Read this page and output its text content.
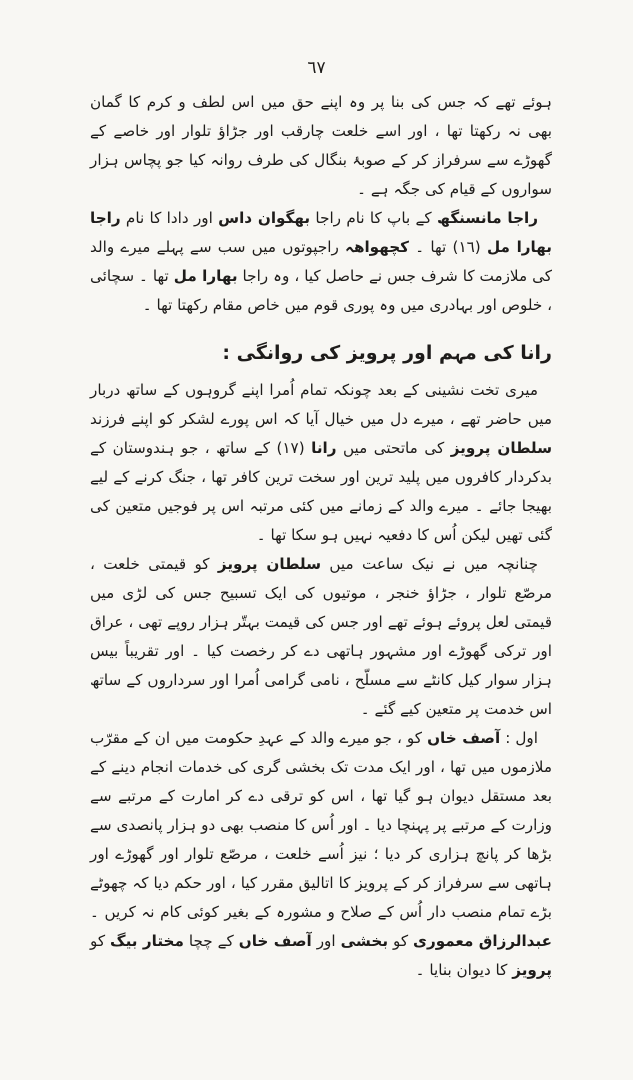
٦٧

ہوئے تھے کہ جس کی بنا پر وہ اپنے حق میں اس لطف و کرم کا گمان بھی نہ رکھتا تھا ، اور اسے خلعت چارقب اور جڑاؤ تلوار اور خاصے کے گھوڑے سے سرفراز کر کے صوبۂ بنگال کی طرف روانہ کیا جو پچاس ہزار سواروں کے قیام کی جگہ ہے ۔

راجا مانسنگھ کے باپ کا نام راجا بھگوان داس اور دادا کا نام راجا بھارا مل (١٦) تھا ۔ کچھواھہ راجپوتوں میں سب سے پہلے میرے والد کی ملازمت کا شرف جس نے حاصل کیا ، وہ راجا بھارا مل تھا ۔ سچائی ، خلوص اور بہادری میں وہ پوری قوم میں خاص مقام رکھتا تھا ۔

رانا کی مہم اور پرویز کی روانگی :

میری تخت نشینی کے بعد چونکہ تمام اُمرا اپنے گروہوں کے ساتھ دربار میں حاضر تھے ، میرے دل میں خیال آیا کہ اس پورے لشکر کو اپنے فرزند سلطان پرویز کی ماتحتی میں رانا (١٧) کے ساتھ ، جو ہندوستان کے بدکردار کافروں میں پلید ترین اور سخت ترین کافر تھا ، جنگ کرنے کے لیے بھیجا جائے ۔ میرے والد کے زمانے میں کئی مرتبہ اس پر فوجیں متعین کی گئی تھیں لیکن اُس کا دفعیہ نہیں ہو سکا تھا ۔

چنانچہ میں نے نیک ساعت میں سلطان پرویز کو قیمتی خلعت ، مرصّع تلوار ، جڑاؤ خنجر ، موتیوں کی ایک تسبیح جس کی لڑی میں قیمتی لعل پروئے ہوئے تھے اور جس کی قیمت بہتّر ہزار روپے تھی ، عراق اور ترکی گھوڑے اور مشہور ہاتھی دے کر رخصت کیا ۔ اور تقریباً بیس ہزار سوار کیل کانٹے سے مسلّح ، نامی گرامی اُمرا اور سرداروں کے ساتھ اس خدمت پر متعین کیے گئے ۔

اول : آصف خاں کو ، جو میرے والد کے عہدِ حکومت میں ان کے مقرّب ملازموں میں تھا ، اور ایک مدت تک بخشی گری کی خدمات انجام دینے کے بعد مستقل دیوان ہو گیا تھا ، اس کو ترقی دے کر امارت کے مرتبے سے وزارت کے مرتبے پر پہنچا دیا ۔ اور اُس کا منصب بھی دو ہزار پانصدی سے بڑھا کر پانچ ہزاری کر دیا ؛ نیز اُسے خلعت ، مرصّع تلوار اور گھوڑے اور ہاتھی سے سرفراز کر کے پرویز کا اتالیق مقرر کیا ، اور حکم دیا کہ چھوٹے بڑے تمام منصب دار اُس کے صلاح و مشورہ کے بغیر کوئی کام نہ کریں ۔ عبدالرزاق معموری کو بخشی اور آصف خاں کے چچا مختار بیگ کو پرویز کا دیوان بنایا ۔
